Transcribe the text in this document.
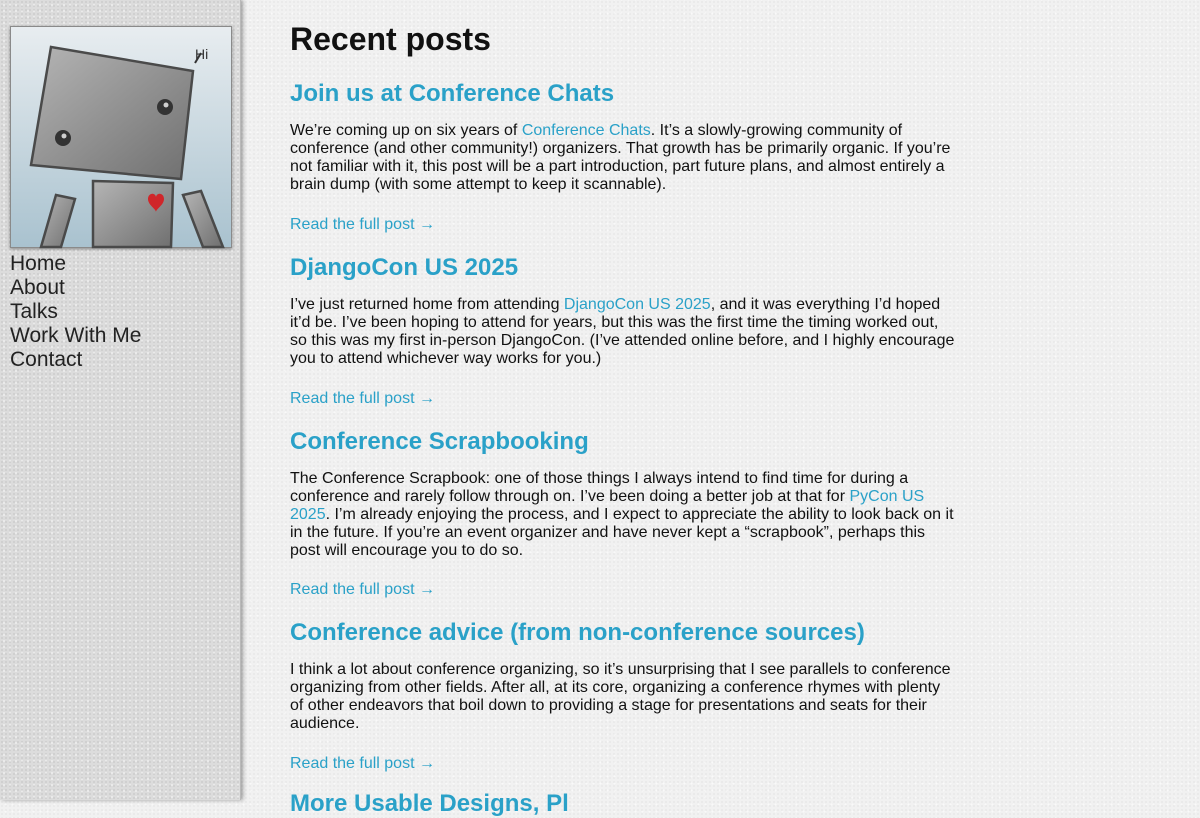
Hi
Home
About
Talks
Work With Me
Contact
Recent posts
Join us at Conference Chats

We’re coming up on six years of Conference Chats. It’s a slowly-growing community of conference (and other community!) organizers. That growth has be primarily organic. If you’re not familiar with it, this post will be a part introduction, part future plans, and almost entirely a brain dump (with some attempt to keep it scannable).

Read the full post →
DjangoCon US 2025

I’ve just returned home from attending DjangoCon US 2025, and it was everything I’d hoped it’d be. I’ve been hoping to attend for years, but this was the first time the timing worked out, so this was my first in-person DjangoCon. (I’ve attended online before, and I highly encourage you to attend whichever way works for you.)

Read the full post →
Conference Scrapbooking

The Conference Scrapbook: one of those things I always intend to find time for during a conference and rarely follow through on. I’ve been doing a better job at that for PyCon US 2025. I’m already enjoying the process, and I expect to appreciate the ability to look back on it in the future. If you’re an event organizer and have never kept a “scrapbook”, perhaps this post will encourage you to do so.

Read the full post →
Conference advice (from non-conference sources)

I think a lot about conference organizing, so it’s unsurprising that I see parallels to conference organizing from other fields. After all, at its core, organizing a conference rhymes with plenty of other endeavors that boil down to providing a stage for presentations and seats for their audience.

Read the full post →
More Usable Designs, Pl
